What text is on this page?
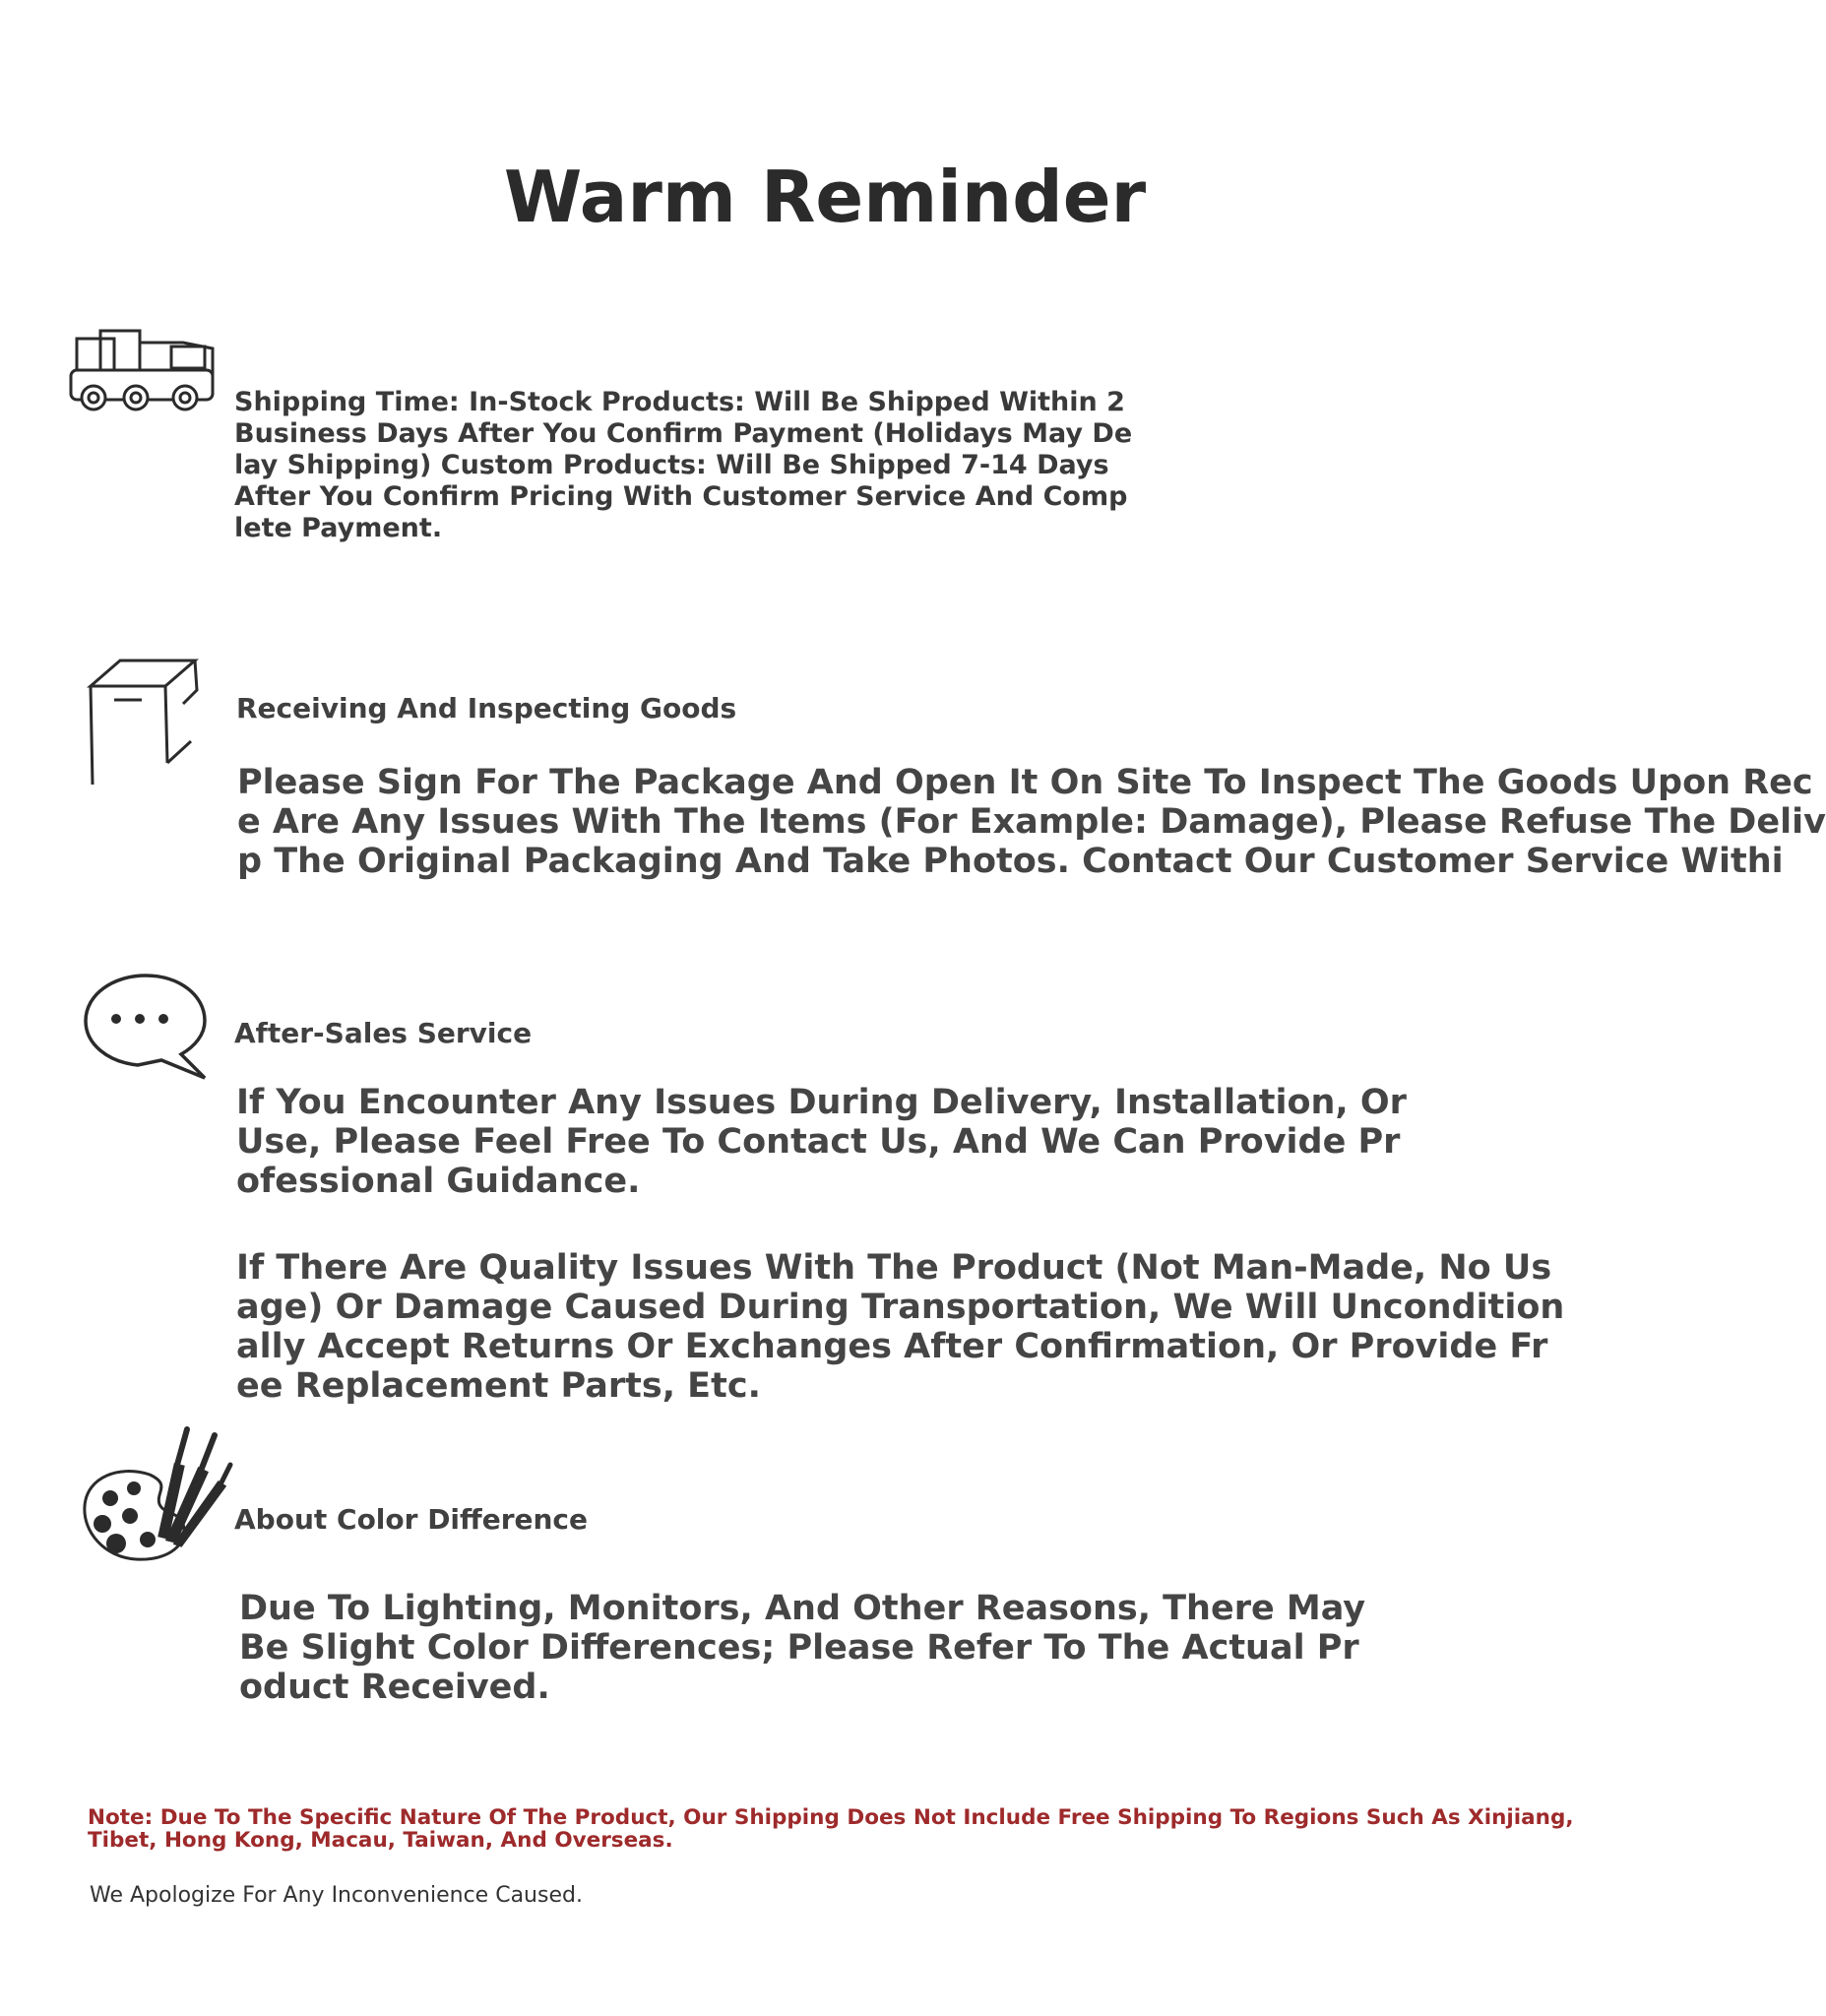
Warm Reminder
Shipping Time: In-Stock Products: Will Be Shipped Within 2 Business Days After You Confirm Payment (Holidays May Delay Shipping) Custom Products: Will Be Shipped 7-14 Days After You Confirm Pricing With Customer Service And Complete Payment.
Receiving And Inspecting Goods
Please Sign For The Package And Open It On Site To Inspect The Goods Upon Rec
e Are Any Issues With The Items (For Example: Damage), Please Refuse The Deliv
p The Original Packaging And Take Photos. Contact Our Customer Service Withi
After-Sales Service
If You Encounter Any Issues During Delivery, Installation, Or Use, Please Feel Free To Contact Us, And We Can Provide Professional Guidance.
If There Are Quality Issues With The Product (Not Man-Made, No Usage) Or Damage Caused During Transportation, We Will Unconditionally Accept Returns Or Exchanges After Confirmation, Or Provide Free Replacement Parts, Etc.
About Color Difference
Due To Lighting, Monitors, And Other Reasons, There May Be Slight Color Differences; Please Refer To The Actual Product Received.
Note: Due To The Specific Nature Of The Product, Our Shipping Does Not Include Free Shipping To Regions Such As Xinjiang, Tibet, Hong Kong, Macau, Taiwan, And Overseas.
We Apologize For Any Inconvenience Caused.
